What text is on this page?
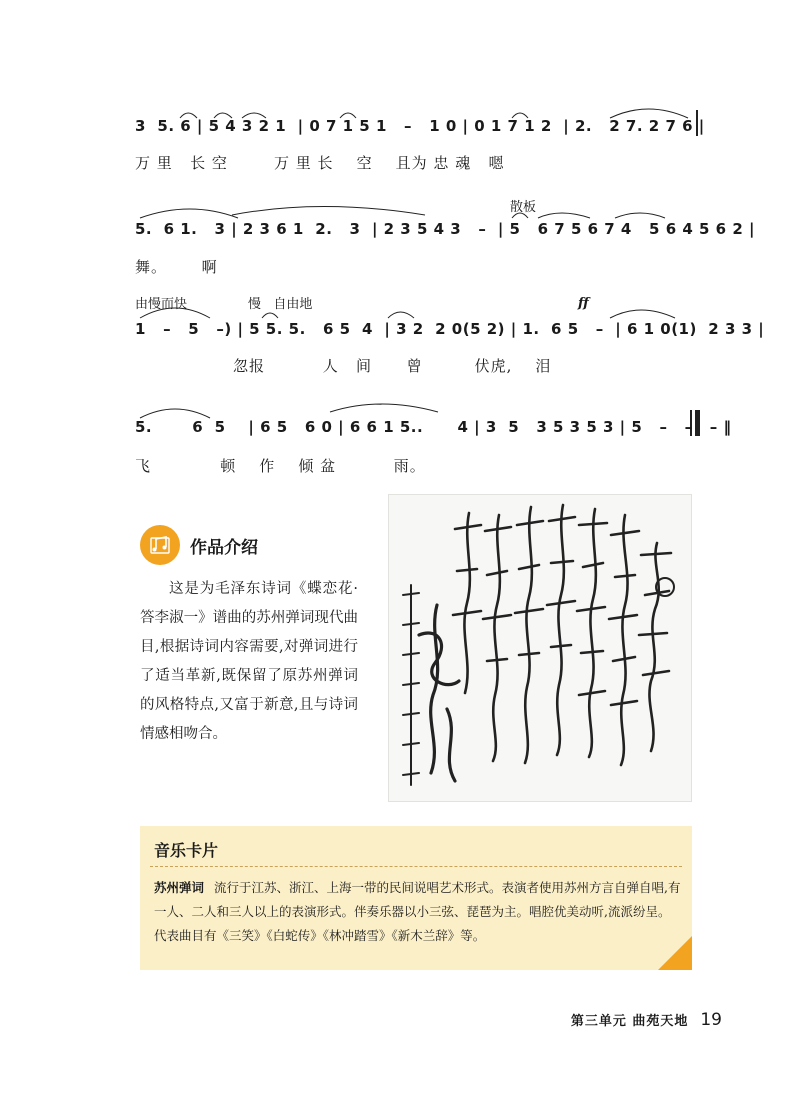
3  5. 6 | 5 4 3 2 1  | 0 7 1 5 1   –   1 0 | 0 1 7 1 2  | 2.   2 7. 2 7 6 |
万 里   长 空        万 里 长    空    且为 忠 魂   嗯
散板
5.  6 1.   3 | 2 3 6 1  2.   3  | 2 3 5 4 3   –  | 5   6 7 5 6 7 4   5 6 4 5 6 2 |
舞。      啊
由慢而快	慢   自由地	ff
1   –   5   –) | 5 5. 5.   6 5  4  | 3 2  2 0(5 2) | 1.  6 5   –  | 6 1 0(1)  2 3 3 |
忽报          人   间      曾         伏虎,    泪
5.       6  5    | 6 5   6 0 | 6 6 1 5..      4 | 3  5   3 5 3 5 3 | 5   –   –   – ‖
飞            顿    作    倾 盆          雨。
作品介绍
这是为毛泽东诗词《蝶恋花·答李淑一》谱曲的苏州弹词现代曲目,根据诗词内容需要,对弹词进行了适当革新,既保留了原苏州弹词的风格特点,又富于新意,且与诗词情感相吻合。
音乐卡片
苏州弹词 流行于江苏、浙江、上海一带的民间说唱艺术形式。表演者使用苏州方言自弹自唱,有一人、二人和三人以上的表演形式。伴奏乐器以小三弦、琵琶为主。唱腔优美动听,流派纷呈。代表曲目有《三笑》《白蛇传》《林冲踏雪》《新木兰辞》等。
第三单元 曲苑天地 19
